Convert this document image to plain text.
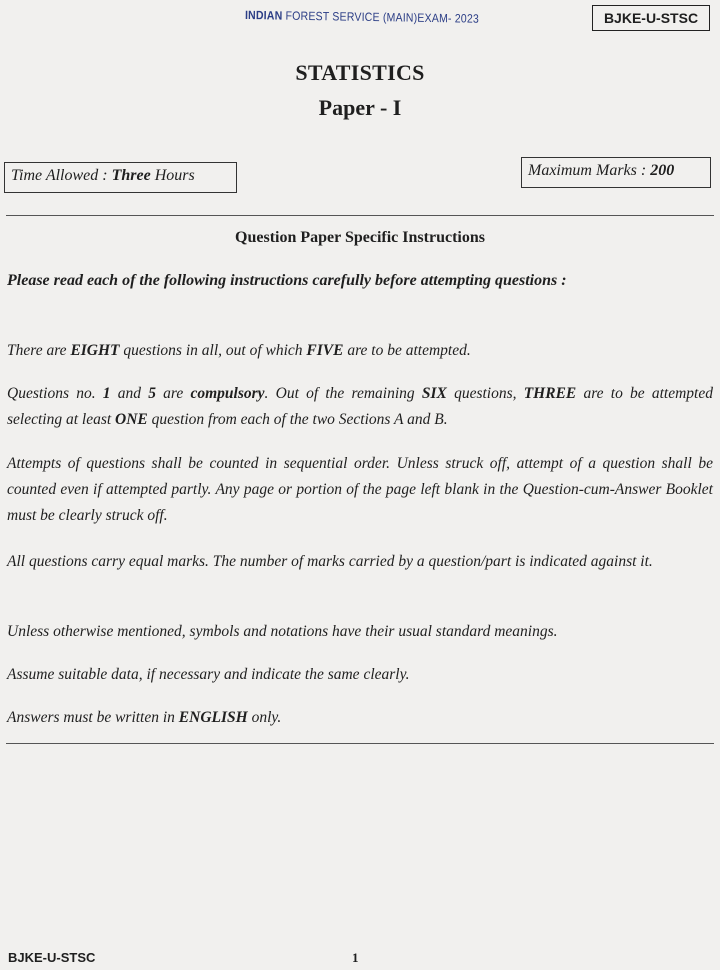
INDIAN FOREST SERVICE (MAIN)EXAM- 2023	BJKE-U-STSC
STATISTICS
Paper - I
Time Allowed : Three Hours	Maximum Marks : 200
Question Paper Specific Instructions
Please read each of the following instructions carefully before attempting questions :
There are EIGHT questions in all, out of which FIVE are to be attempted.
Questions no. 1 and 5 are compulsory. Out of the remaining SIX questions, THREE are to be attempted selecting at least ONE question from each of the two Sections A and B.
Attempts of questions shall be counted in sequential order. Unless struck off, attempt of a question shall be counted even if attempted partly. Any page or portion of the page left blank in the Question-cum-Answer Booklet must be clearly struck off.
All questions carry equal marks. The number of marks carried by a question/part is indicated against it.
Unless otherwise mentioned, symbols and notations have their usual standard meanings.
Assume suitable data, if necessary and indicate the same clearly.
Answers must be written in ENGLISH only.
BJKE-U-STSC	1
